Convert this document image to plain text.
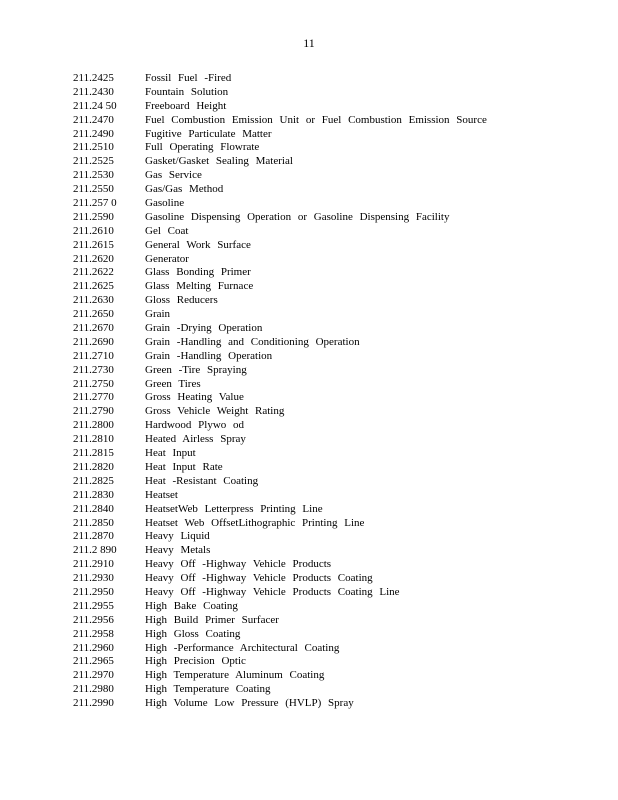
11
211.2425	Fossil Fuel -Fired
211.2430	Fountain Solution
211.24 50	Freeboard Height
211.2470	Fuel Combustion Emission Unit or Fuel Combustion Emission Source
211.2490	Fugitive Particulate Matter
211.2510	Full Operating Flowrate
211.2525	Gasket/Gasket Sealing Material
211.2530	Gas Service
211.2550	Gas/Gas Method
211.257 0	Gasoline
211.2590	Gasoline Dispensing Operation or Gasoline Dispensing Facility
211.2610	Gel Coat
211.2615	General Work Surface
211.2620	Generator
211.2622	Glass Bonding Primer
211.2625	Glass Melting Furnace
211.2630	Gloss Reducers
211.2650	Grain
211.2670	Grain -Drying Operation
211.2690	Grain -Handling and Conditioning Operation
211.2710	Grain -Handling Operation
211.2730	Green -Tire Spraying
211.2750	Green Tires
211.2770	Gross Heating Value
211.2790	Gross Vehicle Weight Rating
211.2800	Hardwood Plywo od
211.2810	Heated Airless Spray
211.2815	Heat Input
211.2820	Heat Input Rate
211.2825	Heat -Resistant Coating
211.2830	Heatset
211.2840	HeatsetWeb Letterpress Printing Line
211.2850	Heatset Web OffsetLithographic Printing Line
211.2870	Heavy Liquid
211.2 890	Heavy Metals
211.2910	Heavy Off -Highway Vehicle Products
211.2930	Heavy Off -Highway Vehicle Products Coating
211.2950	Heavy Off -Highway Vehicle Products Coating Line
211.2955	High Bake Coating
211.2956	High Build Primer Surfacer
211.2958	High Gloss Coating
211.2960	High -Performance Architectural Coating
211.2965	High Precision Optic
211.2970	High Temperature Aluminum Coating
211.2980	High Temperature Coating
211.2990	High Volume Low Pressure (HVLP) Spray
